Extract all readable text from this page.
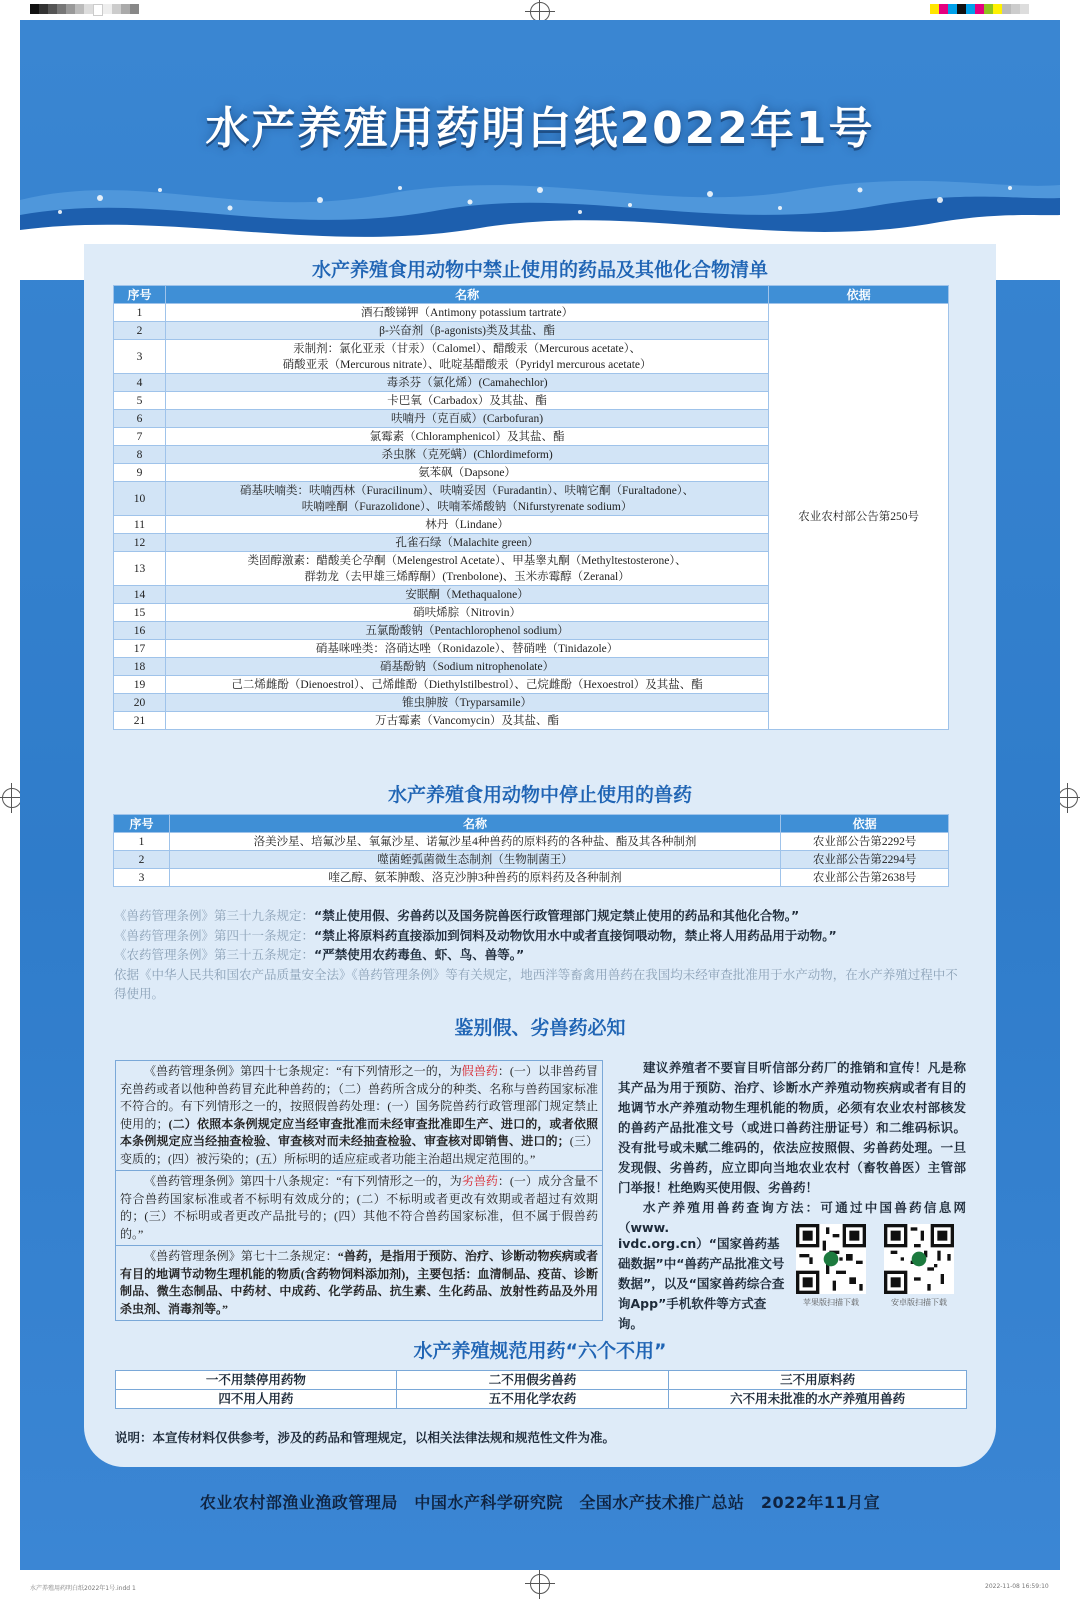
水产养殖用药明白纸2022年1号
水产养殖食用动物中禁止使用的药品及其他化合物清单
序号	名称	依据
1	酒石酸锑钾（Antimony potassium tartrate）	农业农村部公告第250号
2	β-兴奋剂（β-agonists)类及其盐、酯	
3	汞制剂：氯化亚汞（甘汞）（Calomel）、醋酸汞（Mercurous acetate）、
硝酸亚汞（Mercurous nitrate）、吡啶基醋酸汞（Pyridyl mercurous acetate）	

4	毒杀芬（氯化烯）(Camahechlor)	
5	卡巴氧（Carbadox）及其盐、酯	
6	呋喃丹（克百威）(Carbofuran)	
7	氯霉素（Chloramphenicol）及其盐、酯	
8	杀虫脒（克死螨）(Chlordimeform)	
9	氨苯砜（Dapsone）	
10	硝基呋喃类：呋喃西林（Furacilinum）、呋喃妥因（Furadantin）、呋喃它酮（Furaltadone）、
呋喃唑酮（Furazolidone）、呋喃苯烯酸钠（Nifurstyrenate sodium）	

11	林丹（Lindane）	
12	孔雀石绿（Malachite green）	
13	类固醇激素：醋酸美仑孕酮（Melengestrol Acetate）、甲基睾丸酮（Methyltestosterone）、
群勃龙（去甲雄三烯醇酮）(Trenbolone)、玉米赤霉醇（Zeranal）	

14	安眠酮（Methaqualone）	
15	硝呋烯腙（Nitrovin）	
16	五氯酚酸钠（Pentachlorophenol sodium）	
17	硝基咪唑类：洛硝达唑（Ronidazole）、替硝唑（Tinidazole）	
18	硝基酚钠（Sodium nitrophenolate）	
19	己二烯雌酚（Dienoestrol）、己烯雌酚（Diethylstilbestrol）、己烷雌酚（Hexoestrol）及其盐、酯	
20	锥虫胂胺（Tryparsamile）	
21	万古霉素（Vancomycin）及其盐、酯	
水产养殖食用动物中停止使用的兽药
序号	名称	依据
1	洛美沙星、培氟沙星、氧氟沙星、诺氟沙星4种兽药的原料药的各种盐、酯及其各种制剂	农业部公告第2292号
2	噬菌蛭弧菌微生态制剂（生物制菌王）	农业部公告第2294号
3	喹乙醇、氨苯胂酸、洛克沙胂3种兽药的原料药及各种制剂	农业部公告第2638号
《兽药管理条例》第三十九条规定：“禁止使用假、劣兽药以及国务院兽医行政管理部门规定禁止使用的药品和其他化合物。”
《兽药管理条例》第四十一条规定：“禁止将原料药直接添加到饲料及动物饮用水中或者直接饲喂动物，禁止将人用药品用于动物。”
《农药管理条例》第三十五条规定：“严禁使用农药毒鱼、虾、鸟、兽等。”
依据《中华人民共和国农产品质量安全法》《兽药管理条例》等有关规定，地西泮等畜禽用兽药在我国均未经审查批准用于水产动物，在水产养殖过程中不得使用。
鉴别假、劣兽药必知

《兽药管理条例》第四十七条规定：“有下列情形之一的，为假兽药：(一）以非兽药冒充兽药或者以他种兽药冒充此种兽药的；（二）兽药所含成分的种类、名称与兽药国家标准不符合的。有下列情形之一的，按照假兽药处理：(一）国务院兽药行政管理部门规定禁止使用的；(二）依照本条例规定应当经审查批准而未经审查批准即生产、进口的，或者依照本条例规定应当经抽查检验、审查核对而未经抽查检验、审查核对即销售、进口的；(三）变质的；(四）被污染的；(五）所标明的适应症或者功能主治超出规定范围的。”

《兽药管理条例》第四十八条规定：“有下列情形之一的，为劣兽药：(一）成分含量不符合兽药国家标准或者不标明有效成分的；(二）不标明或者更改有效期或者超过有效期的；(三）不标明或者更改产品批号的；(四）其他不符合兽药国家标准，但不属于假兽药的。”

《兽药管理条例》第七十二条规定：“兽药，是指用于预防、治疗、诊断动物疾病或者有目的地调节动物生理机能的物质(含药物饲料添加剂)，主要包括：血清制品、疫苗、诊断制品、微生态制品、中药材、中成药、化学药品、抗生素、生化药品、放射性药品及外用杀虫剂、消毒剂等。”

建议养殖者不要盲目听信部分药厂的推销和宣传！凡是称其产品为用于预防、治疗、诊断水产养殖动物疾病或者有目的地调节水产养殖动物生理机能的物质，必须有农业农村部核发的兽药产品批准文号（或进口兽药注册证号）和二维码标识。没有批号或未赋二维码的，依法应按照假、劣兽药处理。一旦发现假、劣兽药，应立即向当地农业农村（畜牧兽医）主管部门举报！杜绝购买使用假、劣兽药！

水产养殖用兽药查询方法：可通过中国兽药信息网（www.

ivdc.org.cn）“国家兽药基础数据”中“兽药产品批准文号数据”，以及“国家兽药综合查询App”手机软件等方式查询。
苹果版扫描下载	安卓版扫描下载
水产养殖规范用药“六个不用”
一不用禁停用药物	二不用假劣兽药	三不用原料药
四不用人用药	五不用化学农药	六不用未批准的水产养殖用兽药
说明：本宣传材料仅供参考，涉及的药品和管理规定，以相关法律法规和规范性文件为准。
农业农村部渔业渔政管理局　中国水产科学研究院　全国水产技术推广总站　2022年11月宣
水产养殖用药明白纸2022年1号.indd 1	2022-11-08 16:59:10
